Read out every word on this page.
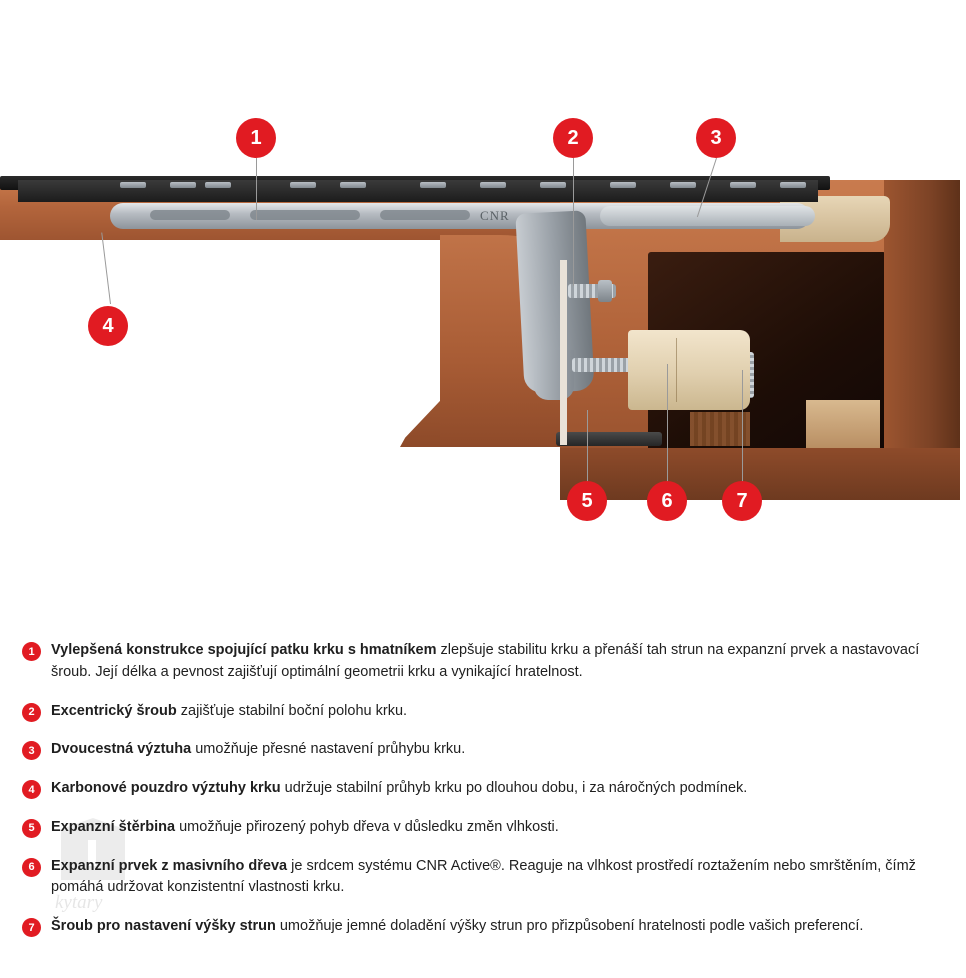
CNR
1	2	3
4
5	6	7
kytary
1	Vylepšená konstrukce spojující patku krku s hmatníkem zlepšuje stabilitu krku a přenáší tah strun na expanzní prvek a nastavovací šroub. Její délka a pevnost zajišťují optimální geometrii krku a vynikající hratelnost.
2	Excentrický šroub zajišťuje stabilní boční polohu krku.
3	Dvoucestná výztuha umožňuje přesné nastavení průhybu krku.
4	Karbonové pouzdro výztuhy krku udržuje stabilní průhyb krku po dlouhou dobu, i za náročných podmínek.
5	Expanzní štěrbina umožňuje přirozený pohyb dřeva v důsledku změn vlhkosti.
6	Expanzní prvek z masivního dřeva je srdcem systému CNR Active®. Reaguje na vlhkost prostředí roztažením nebo smrštěním, čímž pomáhá udržovat konzistentní vlastnosti krku.
7	Šroub pro nastavení výšky strun umožňuje jemné doladění výšky strun pro přizpůsobení hratelnosti podle vašich preferencí.
